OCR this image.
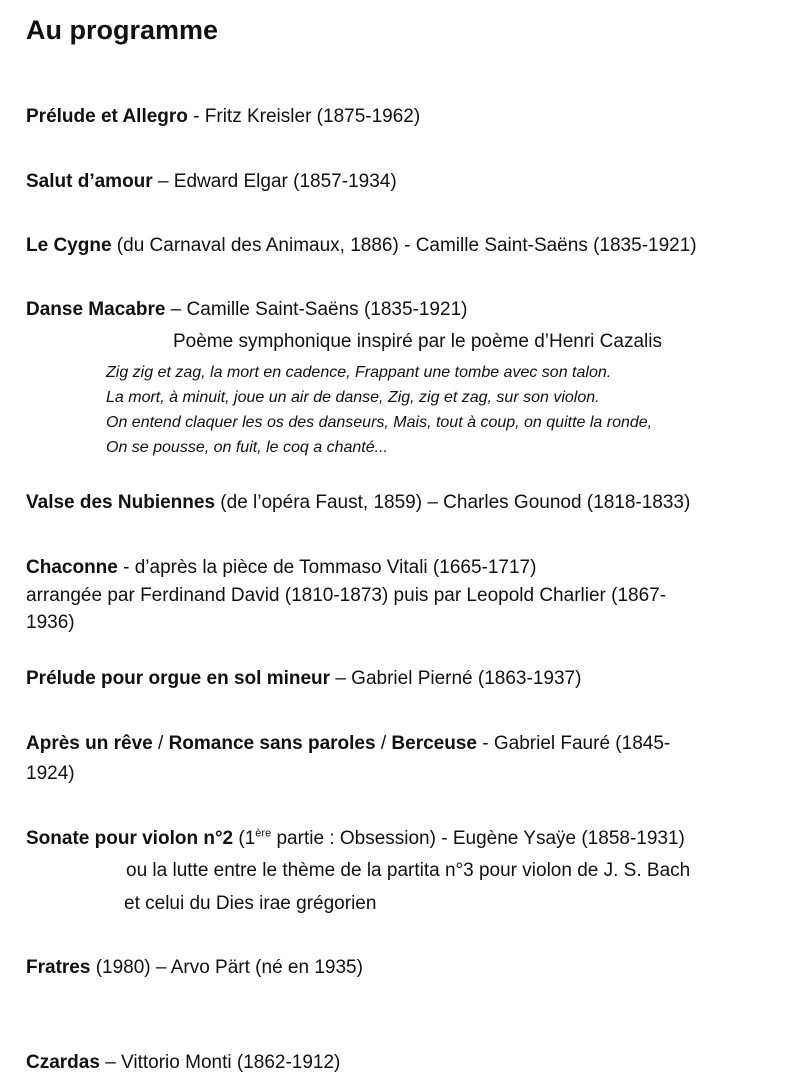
Au programme
Prélude et Allegro - Fritz Kreisler (1875-1962)
Salut d’amour – Edward Elgar (1857-1934)
Le Cygne (du Carnaval des Animaux, 1886) - Camille Saint-Saëns (1835-1921)
Danse Macabre – Camille Saint-Saëns (1835-1921)
Poème symphonique inspiré par le poème d’Henri Cazalis
Zig zig et zag, la mort en cadence, Frappant une tombe avec son talon.
La mort, à minuit, joue un air de danse, Zig, zig et zag, sur son violon.
On entend claquer les os des danseurs, Mais, tout à coup, on quitte la ronde,
On se pousse, on fuit, le coq a chanté...
Valse des Nubiennes (de l’opéra Faust, 1859) – Charles Gounod (1818-1833)
Chaconne - d’après la pièce de Tommaso Vitali (1665-1717)
arrangée par Ferdinand David (1810-1873) puis par Leopold Charlier (1867-
1936)
Prélude pour orgue en sol mineur – Gabriel Pierné (1863-1937)
Après un rêve / Romance sans paroles / Berceuse - Gabriel Fauré (1845-
1924)
Sonate pour violon n°2 (1ère partie : Obsession) - Eugène Ysaÿe (1858-1931)
ou la lutte entre le thème de la partita n°3 pour violon de J. S. Bach
et celui du Dies irae grégorien
Fratres (1980) – Arvo Pärt (né en 1935)
Czardas – Vittorio Monti (1862-1912)
